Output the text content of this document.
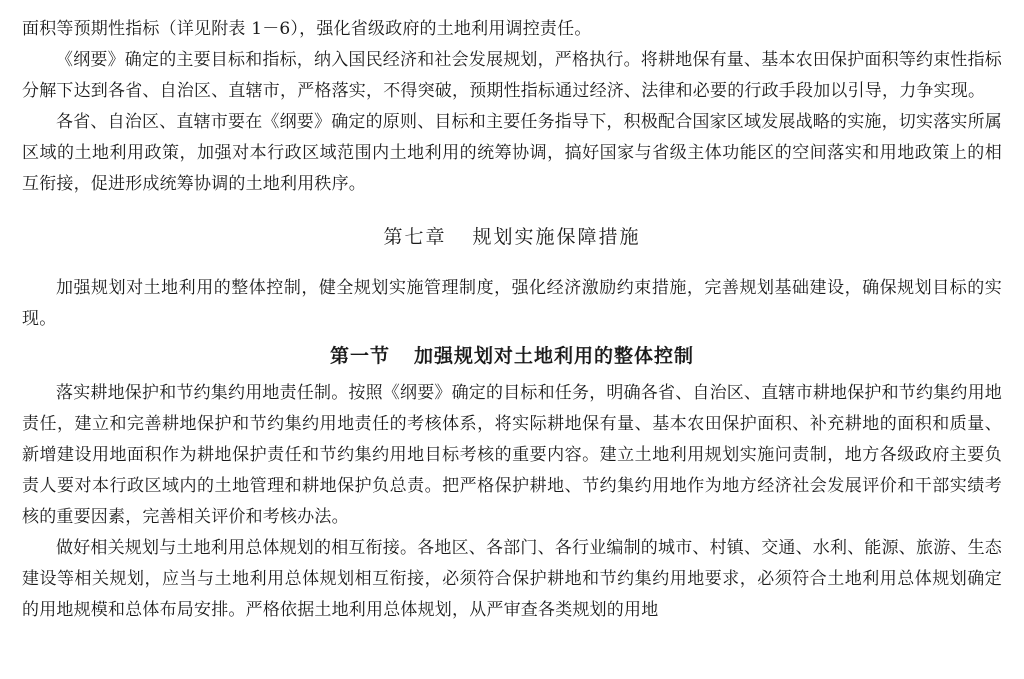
面积等预期性指标（详见附表 1－6），强化省级政府的土地利用调控责任。

《纲要》确定的主要目标和指标，纳入国民经济和社会发展规划，严格执行。将耕地保有量、基本农田保护面积等约束性指标分解下达到各省、自治区、直辖市，严格落实，不得突破，预期性指标通过经济、法律和必要的行政手段加以引导，力争实现。

各省、自治区、直辖市要在《纲要》确定的原则、目标和主要任务指导下，积极配合国家区域发展战略的实施，切实落实所属区域的土地利用政策，加强对本行政区域范围内土地利用的统筹协调，搞好国家与省级主体功能区的空间落实和用地政策上的相互衔接，促进形成统筹协调的土地利用秩序。

第七章 规划实施保障措施

加强规划对土地利用的整体控制，健全规划实施管理制度，强化经济激励约束措施，完善规划基础建设，确保规划目标的实现。

第一节 加强规划对土地利用的整体控制

落实耕地保护和节约集约用地责任制。按照《纲要》确定的目标和任务，明确各省、自治区、直辖市耕地保护和节约集约用地责任，建立和完善耕地保护和节约集约用地责任的考核体系，将实际耕地保有量、基本农田保护面积、补充耕地的面积和质量、新增建设用地面积作为耕地保护责任和节约集约用地目标考核的重要内容。建立土地利用规划实施问责制，地方各级政府主要负责人要对本行政区域内的土地管理和耕地保护负总责。把严格保护耕地、节约集约用地作为地方经济社会发展评价和干部实绩考核的重要因素，完善相关评价和考核办法。

做好相关规划与土地利用总体规划的相互衔接。各地区、各部门、各行业编制的城市、村镇、交通、水利、能源、旅游、生态建设等相关规划，应当与土地利用总体规划相互衔接，必须符合保护耕地和节约集约用地要求，必须符合土地利用总体规划确定的用地规模和总体布局安排。严格依据土地利用总体规划，从严审查各类规划的用地
